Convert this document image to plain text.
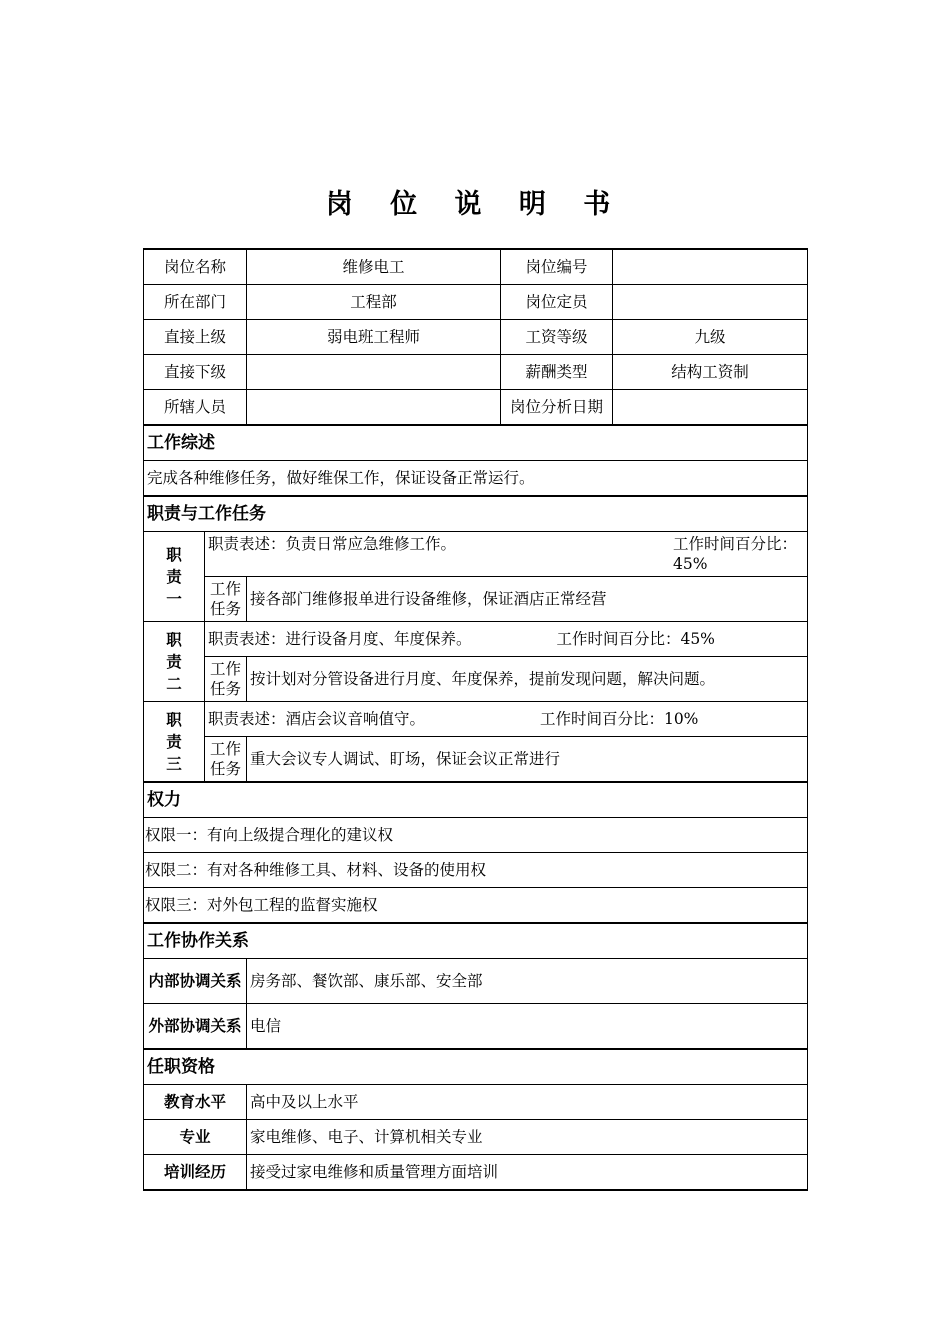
岗 位 说 明 书
岗位名称		维修电工	岗位编号	
所在部门		工程部	岗位定员	
直接上级		弱电班工程师	工资等级	九级
直接下级			薪酬类型	结构工资制
所辖人员			岗位分析日期	
工作综述				
完成各种维修任务，做好维保工作，保证设备正常运行。				
职责与工作任务				
职责一	职责表述：负责日常应急维修工作。 工作时间百分比：45%			

	工作任务	接各部门维修报单进行设备维修，保证酒店正常经营		
职责二	职责表述：进行设备月度、年度保养。 工作时间百分比：45%			
	工作任务	按计划对分管设备进行月度、年度保养，提前发现问题，解决问题。		
职责三	职责表述：酒店会议音响值守。 工作时间百分比：10%			
	工作任务	重大会议专人调试、盯场，保证会议正常进行		
权力				
权限一：有向上级提合理化的建议权				
权限二：有对各种维修工具、材料、设备的使用权				
权限三：对外包工程的监督实施权				
工作协作关系				
内部协调关系		房务部、餐饮部、康乐部、安全部		
外部协调关系		电信		
任职资格				
教育水平		高中及以上水平		
专业		家电维修、电子、计算机相关专业		
培训经历		接受过家电维修和质量管理方面培训		
